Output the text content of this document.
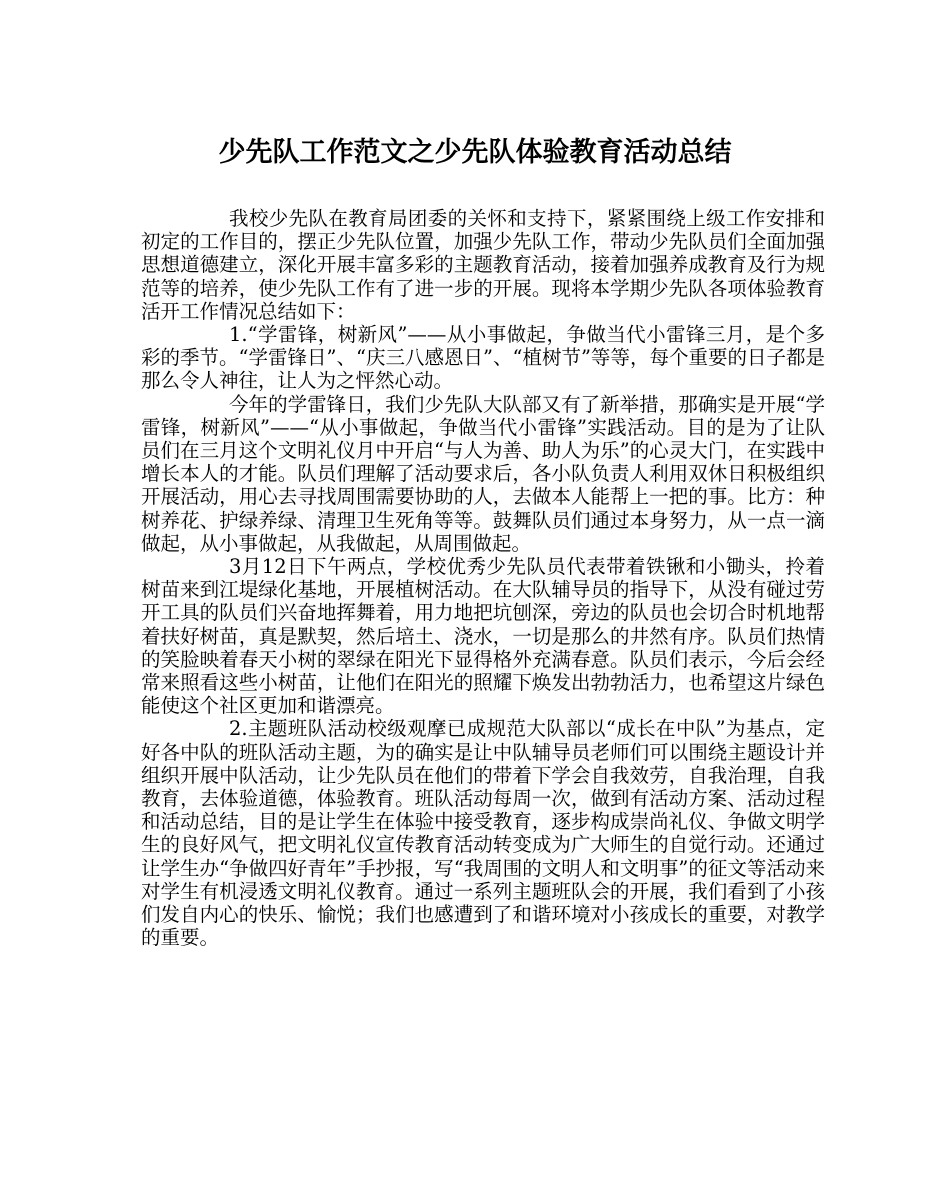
少先队工作范文之少先队体验教育活动总结

我校少先队在教育局团委的关怀和支持下，紧紧围绕上级工作安排和初定的工作目的，摆正少先队位置，加强少先队工作，带动少先队员们全面加强思想道德建立，深化开展丰富多彩的主题教育活动，接着加强养成教育及行为规范等的培养，使少先队工作有了进一步的开展。现将本学期少先队各项体验教育活开工作情况总结如下：

1.“学雷锋，树新风”——从小事做起，争做当代小雷锋三月，是个多彩的季节。“学雷锋日”、“庆三八感恩日”、“植树节”等等，每个重要的日子都是那么令人神往，让人为之怦然心动。

今年的学雷锋日，我们少先队大队部又有了新举措，那确实是开展“学雷锋，树新风”——“从小事做起，争做当代小雷锋”实践活动。目的是为了让队员们在三月这个文明礼仪月中开启“与人为善、助人为乐”的心灵大门，在实践中增长本人的才能。队员们理解了活动要求后，各小队负责人利用双休日积极组织开展活动，用心去寻找周围需要协助的人，去做本人能帮上一把的事。比方：种树养花、护绿养绿、清理卫生死角等等。鼓舞队员们通过本身努力，从一点一滴做起，从小事做起，从我做起，从周围做起。

3月12日下午两点，学校优秀少先队员代表带着铁锹和小锄头，拎着树苗来到江堤绿化基地，开展植树活动。在大队辅导员的指导下，从没有碰过劳开工具的队员们兴奋地挥舞着，用力地把坑刨深，旁边的队员也会切合时机地帮着扶好树苗，真是默契，然后培土、浇水，一切是那么的井然有序。队员们热情的笑脸映着春天小树的翠绿在阳光下显得格外充满春意。队员们表示，今后会经常来照看这些小树苗，让他们在阳光的照耀下焕发出勃勃活力，也希望这片绿色能使这个社区更加和谐漂亮。

2.主题班队活动校级观摩已成规范大队部以“成长在中队”为基点，定好各中队的班队活动主题，为的确实是让中队辅导员老师们可以围绕主题设计并组织开展中队活动，让少先队员在他们的带着下学会自我效劳，自我治理，自我教育，去体验道德，体验教育。班队活动每周一次，做到有活动方案、活动过程和活动总结，目的是让学生在体验中接受教育，逐步构成崇尚礼仪、争做文明学生的良好风气，把文明礼仪宣传教育活动转变成为广大师生的自觉行动。还通过让学生办“争做四好青年”手抄报，写“我周围的文明人和文明事”的征文等活动来对学生有机浸透文明礼仪教育。通过一系列主题班队会的开展，我们看到了小孩们发自内心的快乐、愉悦；我们也感遭到了和谐环境对小孩成长的重要，对教学的重要。
